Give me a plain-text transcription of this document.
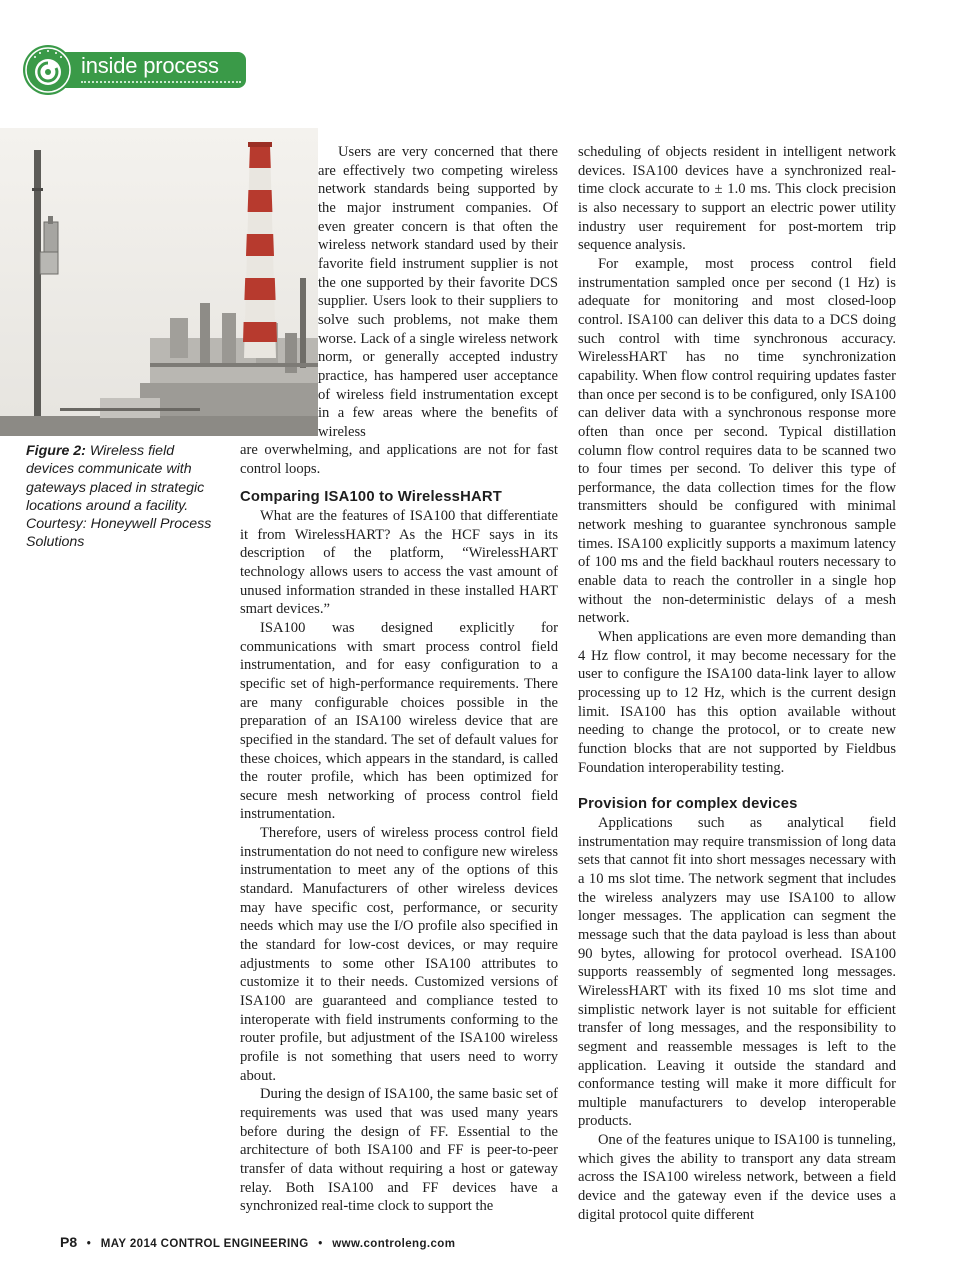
inside process
Figure 2: Wireless field devices communicate with gateways placed in strategic locations around a facility. Courtesy: Honeywell Process Solutions

Users are very concerned that there are effectively two competing wireless network standards being supported by the major instrument companies. Of even greater concern is that often the wireless network standard used by their favorite field instrument supplier is not the one supported by their favorite DCS supplier. Users look to their suppliers to solve such problems, not make them worse. Lack of a single wireless network norm, or generally accepted industry practice, has hampered user acceptance of wireless field instrumentation except in a few areas where the benefits of wireless

are overwhelming, and applications are not for fast control loops.

Comparing ISA100 to WirelessHART

What are the features of ISA100 that differentiate it from WirelessHART? As the HCF says in its description of the platform, “WirelessHART technology allows users to access the vast amount of unused information stranded in these installed HART smart devices.”

ISA100 was designed explicitly for communications with smart process control field instrumentation, and for easy configuration to a specific set of high-performance requirements. There are many configurable choices possible in the preparation of an ISA100 wireless device that are specified in the standard. The set of default values for these choices, which appears in the standard, is called the router profile, which has been optimized for secure mesh networking of process control field instrumentation.

Therefore, users of wireless process control field instrumentation do not need to configure new wireless instrumentation to meet any of the options of this standard. Manufacturers of other wireless devices may have specific cost, performance, or security needs which may use the I/O profile also specified in the standard for low-cost devices, or may require adjustments to some other ISA100 attributes to customize it to their needs. Customized versions of ISA100 are guaranteed and compliance tested to interoperate with field instruments conforming to the router profile, but adjustment of the ISA100 wireless profile is not something that users need to worry about.

During the design of ISA100, the same basic set of requirements was used that was used many years before during the design of FF. Essential to the architecture of both ISA100 and FF is peer-to-peer transfer of data without requiring a host or gateway relay. Both ISA100 and FF devices have a synchronized real-time clock to support the

scheduling of objects resident in intelligent network devices. ISA100 devices have a synchronized real-time clock accurate to ± 1.0 ms. This clock precision is also necessary to support an electric power utility industry user requirement for post-mortem trip sequence analysis.

For example, most process control field instrumentation sampled once per second (1 Hz) is adequate for monitoring and most closed-loop control. ISA100 can deliver this data to a DCS doing such control with time synchronous accuracy. WirelessHART has no time synchronization capability. When flow control requiring updates faster than once per second is to be configured, only ISA100 can deliver data with a synchronous response more often than once per second. Typical distillation column flow control requires data to be scanned two to four times per second. To deliver this type of performance, the data collection times for the flow transmitters should be configured with minimal network meshing to guarantee synchronous sample times. ISA100 explicitly supports a maximum latency of 100 ms and the field backhaul routers necessary to enable data to reach the controller in a single hop without the non-deterministic delays of a mesh network.

When applications are even more demanding than 4 Hz flow control, it may become necessary for the user to configure the ISA100 data-link layer to allow processing up to 12 Hz, which is the current design limit. ISA100 has this option available without needing to change the protocol, or to create new function blocks that are not supported by Fieldbus Foundation interoperability testing.

Provision for complex devices

Applications such as analytical field instrumentation may require transmission of long data sets that cannot fit into short messages necessary with a 10 ms slot time. The network segment that includes the wireless analyzers may use ISA100 to allow longer messages. The application can segment the message such that the data payload is less than about 90 bytes, allowing for protocol overhead. ISA100 supports reassembly of segmented long messages. WirelessHART with its fixed 10 ms slot time and simplistic network layer is not suitable for efficient transfer of long messages, and the responsibility to segment and reassemble messages is left to the application. Leaving it outside the standard and conformance testing will make it more difficult for multiple manufacturers to develop interoperable products.

One of the features unique to ISA100 is tunneling, which gives the ability to transport any data stream across the ISA100 wireless network, between a field device and the gateway even if the device uses a digital protocol quite different

P8 • MAY 2014 CONTROL ENGINEERING • www.controleng.com
